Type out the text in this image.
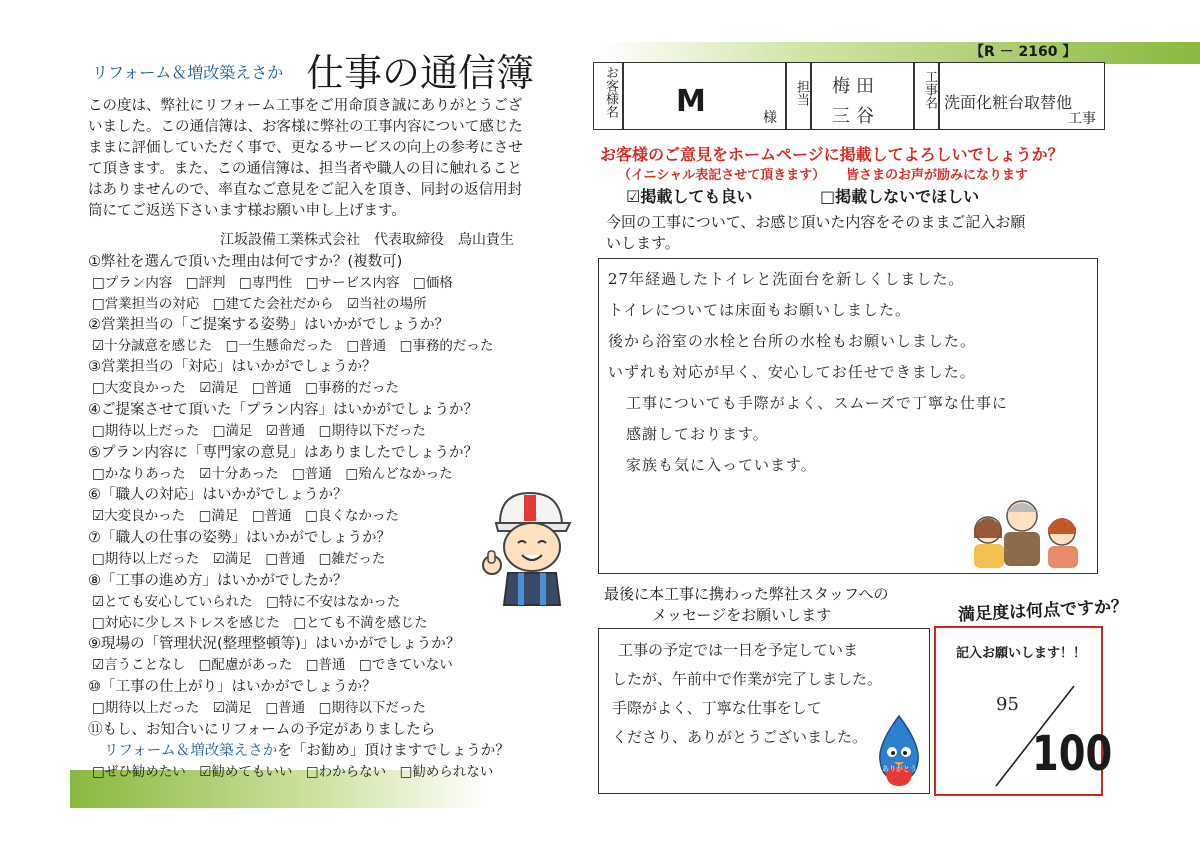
リフォーム＆増改築えさか 仕事の通信簿
この度は、弊社にリフォーム工事をご用命頂き誠にありがとうござ
いました。この通信簿は、お客様に弊社の工事内容について感じた
ままに評価していただく事で、更なるサービスの向上の参考にさせ
て頂きます。また、この通信簿は、担当者や職人の目に触れること
はありませんので、率直なご意見をご記入を頂き、同封の返信用封
筒にてご返送下さいます様お願い申し上げます。
江坂設備工業株式会社　代表取締役　鳥山貴生
①弊社を選んで頂いた理由は何ですか？(複数可)
□プラン内容　□評判　□専門性　□サービス内容　□価格
□営業担当の対応　□建てた会社だから　☑当社の場所
②営業担当の「ご提案する姿勢」はいかがでしょうか？
☑十分誠意を感じた　□一生懸命だった　□普通　□事務的だった
③営業担当の「対応」はいかがでしょうか？
□大変良かった　☑満足　□普通　□事務的だった
④ご提案させて頂いた「プラン内容」はいかがでしょうか？
□期待以上だった　□満足　☑普通　□期待以下だった
⑤プラン内容に「専門家の意見」はありましたでしょうか？
□かなりあった　☑十分あった　□普通　□殆んどなかった
⑥「職人の対応」はいかがでしょうか？
☑大変良かった　□満足　□普通　□良くなかった
⑦「職人の仕事の姿勢」はいかがでしょうか？
□期待以上だった　☑満足　□普通　□雑だった
⑧「工事の進め方」はいかがでしたか？
☑とても安心していられた　□特に不安はなかった
□対応に少しストレスを感じた　□とても不満を感じた
⑨現場の「管理状況(整理整頓等)」はいかがでしょうか？
☑言うことなし　□配慮があった　□普通　□できていない
⑩「工事の仕上がり」はいかがでしょうか？
□期待以上だった　☑満足　□普通　□期待以下だった
⑪もし、お知合いにリフォームの予定がありましたら
リフォーム＆増改築えさかを「お勧め」頂けますでしょうか？
□ぜひ勧めたい　☑勧めてもいい　□わからない　□勧められない
【R － 2160 】
お客様名 M	様
担当 梅田
三谷
工事名 洗面化粧台取替他
工事
お客様のご意見をホームページに掲載してよろしいでしょうか？
（イニシャル表記させて頂きます） 皆さまのお声が励みになります
☑掲載しても良い	□掲載しないでほしい
今回の工事について、お感じ頂いた内容をそのままご記入お願
いします。
27年経過したトイレと洗面台を新しくしました。
トイレについては床面もお願いしました。
後から浴室の水栓と台所の水栓もお願いしました。
いずれも対応が早く、安心してお任せできました。
工事についても手際がよく、スムーズで丁寧な仕事に
感謝しております。
家族も気に入っています。
最後に本工事に携わった弊社スタッフへの
メッセージをお願いします
工事の予定では一日を予定していま
したが、午前中で作業が完了しました。
手際がよく、丁寧な仕事をして
くださり、ありがとうございました。
ありがとう
満足度は何点ですか？
記入お願いします！！
95
100
